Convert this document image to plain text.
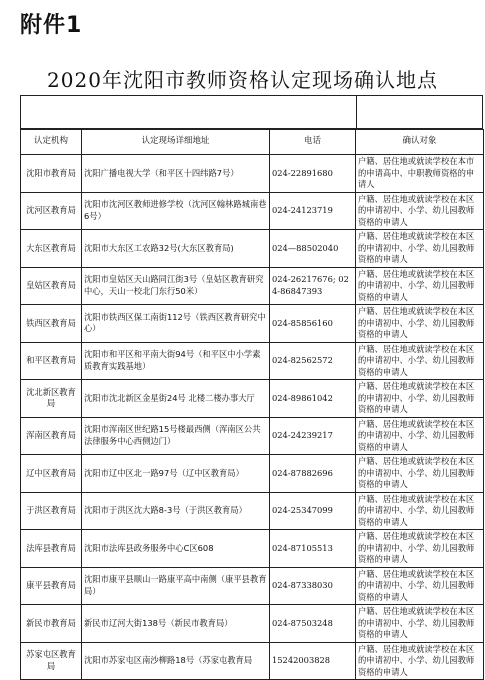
附件1
2020年沈阳市教师资格认定现场确认地点
认定机构	认定现场详细地址	电话	确认对象
沈阳市教育局	沈阳广播电视大学（和平区十四纬路7号）	024-22891680	户籍、居住地或就读学校在本市的申请高中、中职教师资格的申请人
沈河区教育局	沈阳市沈河区教师进修学校（沈河区翰林路城南巷6号）	024-24123719	户籍、居住地或就读学校在本区的申请初中、小学、幼儿园教师资格的申请人
大东区教育局	沈阳市大东区工农路32号(大东区教育局)	024—88502040	户籍、居住地或就读学校在本区的申请初中、小学、幼儿园教师资格的申请人
皇姑区教育局	沈阳市皇姑区天山路同江街3号（皇姑区教育研究中心，天山一校北门东行50米）	024-26217676; 024-86847393	户籍、居住地或就读学校在本区的申请初中、小学、幼儿园教师资格的申请人
铁西区教育局	沈阳市铁西区保工南街112号（铁西区教育研究中心）	024-85856160	户籍、居住地或就读学校在本区的申请初中、小学、幼儿园教师资格的申请人
和平区教育局	沈阳市和平区和平南大街94号（和平区中小学素质教育实践基地）	024-82562572	户籍、居住地或就读学校在本区的申请初中、小学、幼儿园教师资格的申请人
沈北新区教育局	沈阳市沈北新区金星街24号 北楼二楼办事大厅	024-89861042	户籍、居住地或就读学校在本区的申请初中、小学、幼儿园教师资格的申请人
浑南区教育局	沈阳市浑南区世纪路15号楼最西侧（浑南区公共法律服务中心西侧边门）	024-24239217	户籍、居住地或就读学校在本区的申请初中、小学、幼儿园教师资格的申请人
辽中区教育局	沈阳市辽中区北一路97号（辽中区教育局）	024-87882696	户籍、居住地或就读学校在本区的申请初中、小学、幼儿园教师资格的申请人
于洪区教育局	沈阳市于洪区沈大路8-3号（于洪区教育局）	024-25347099	户籍、居住地或就读学校在本区的申请初中、小学、幼儿园教师资格的申请人
法库县教育局	沈阳市法库县政务服务中心C区608	024-87105513	户籍、居住地或就读学校在本区的申请初中、小学、幼儿园教师资格的申请人
康平县教育局	沈阳市康平县顺山一路康平高中南侧（康平县教育局）	024-87338030	户籍、居住地或就读学校在本区的申请初中、小学、幼儿园教师资格的申请人
新民市教育局	新民市辽河大街138号（新民市教育局）	024-87503248	户籍、居住地或就读学校在本区的申请初中、小学、幼儿园教师资格的申请人
苏家屯区教育局	沈阳市苏家屯区南沙柳路18号（苏家屯教育局	15242003828	户籍、居住地或就读学校在本区的申请初中、小学、幼儿园教师资格的申请人
